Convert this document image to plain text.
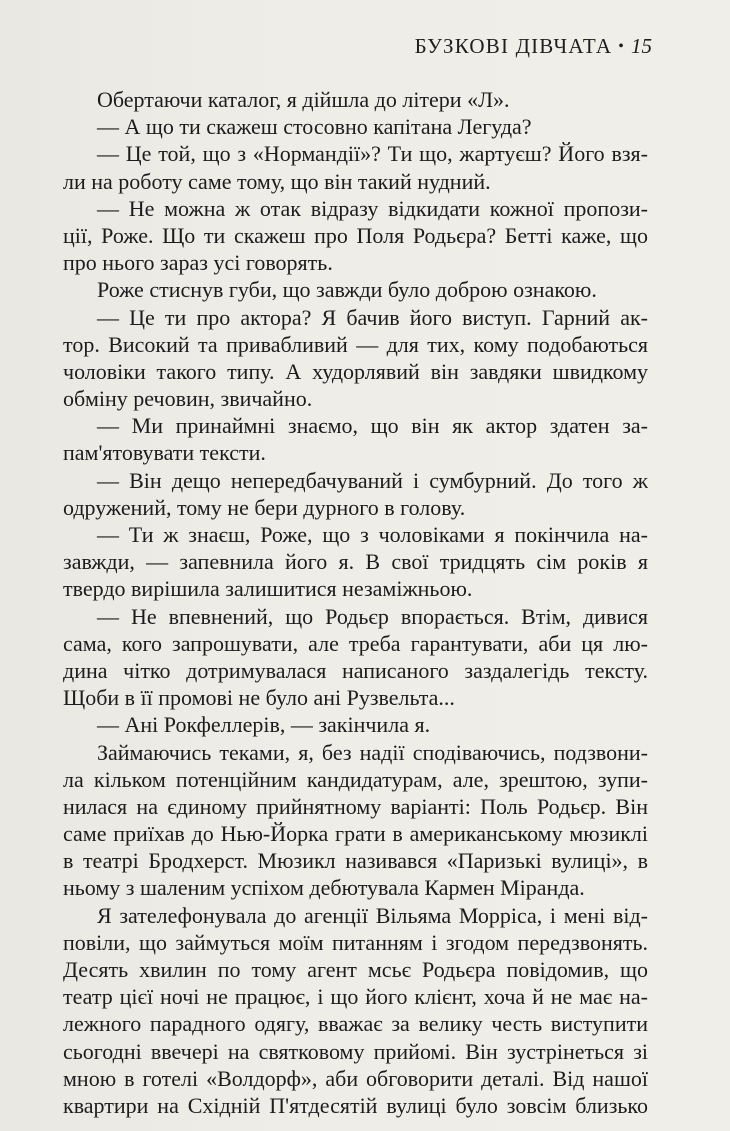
БУЗКОВІ ДІВЧАТА • 15
Обертаючи каталог, я дійшла до літери «Л».
— А що ти скажеш стосовно капітана Легуда?
— Це той, що з «Нормандії»? Ти що, жартуєш? Його взя-
ли на роботу саме тому, що він такий нудний.
— Не можна ж отак відразу відкидати кожної пропози-
ції, Роже. Що ти скажеш про Поля Родьєра? Бетті каже, що
про нього зараз усі говорять.
Роже стиснув губи, що завжди було доброю ознакою.
— Це ти про актора? Я бачив його виступ. Гарний ак-
тор. Високий та привабливий — для тих, кому подобаються
чоловіки такого типу. А худорлявий він завдяки швидкому
обміну речовин, звичайно.
— Ми принаймні знаємо, що він як актор здатен за-
пам'ятовувати тексти.
— Він дещо непередбачуваний і сумбурний. До того ж
одружений, тому не бери дурного в голову.
— Ти ж знаєш, Роже, що з чоловіками я покінчила на-
завжди, — запевнила його я. В свої тридцять сім років я
твердо вирішила залишитися незаміжньою.
— Не впевнений, що Родьєр впорається. Втім, дивися
сама, кого запрошувати, але треба гарантувати, аби ця лю-
дина чітко дотримувалася написаного заздалегідь тексту.
Щоби в її промові не було ані Рузвельта...
— Ані Рокфеллерів, — закінчила я.
Займаючись теками, я, без надії сподіваючись, подзвони-
ла кільком потенційним кандидатурам, але, зрештою, зупи-
нилася на єдиному прийнятному варіанті: Поль Родьєр. Він
саме приїхав до Нью-Йорка грати в американському мюзиклі
в театрі Бродхерст. Мюзикл називався «Паризькі вулиці», в
ньому з шаленим успіхом дебютувала Кармен Міранда.
Я зателефонувала до агенції Вільяма Морріса, і мені від-
повіли, що займуться моїм питанням і згодом передзвонять.
Десять хвилин по тому агент мсьє Родьєра повідомив, що
театр цієї ночі не працює, і що його клієнт, хоча й не має на-
лежного парадного одягу, вважає за велику честь виступити
сьогодні ввечері на святковому прийомі. Він зустрінеться зі
мною в готелі «Волдорф», аби обговорити деталі. Від нашої
квартири на Східній П'ятдесятій вулиці було зовсім близько
